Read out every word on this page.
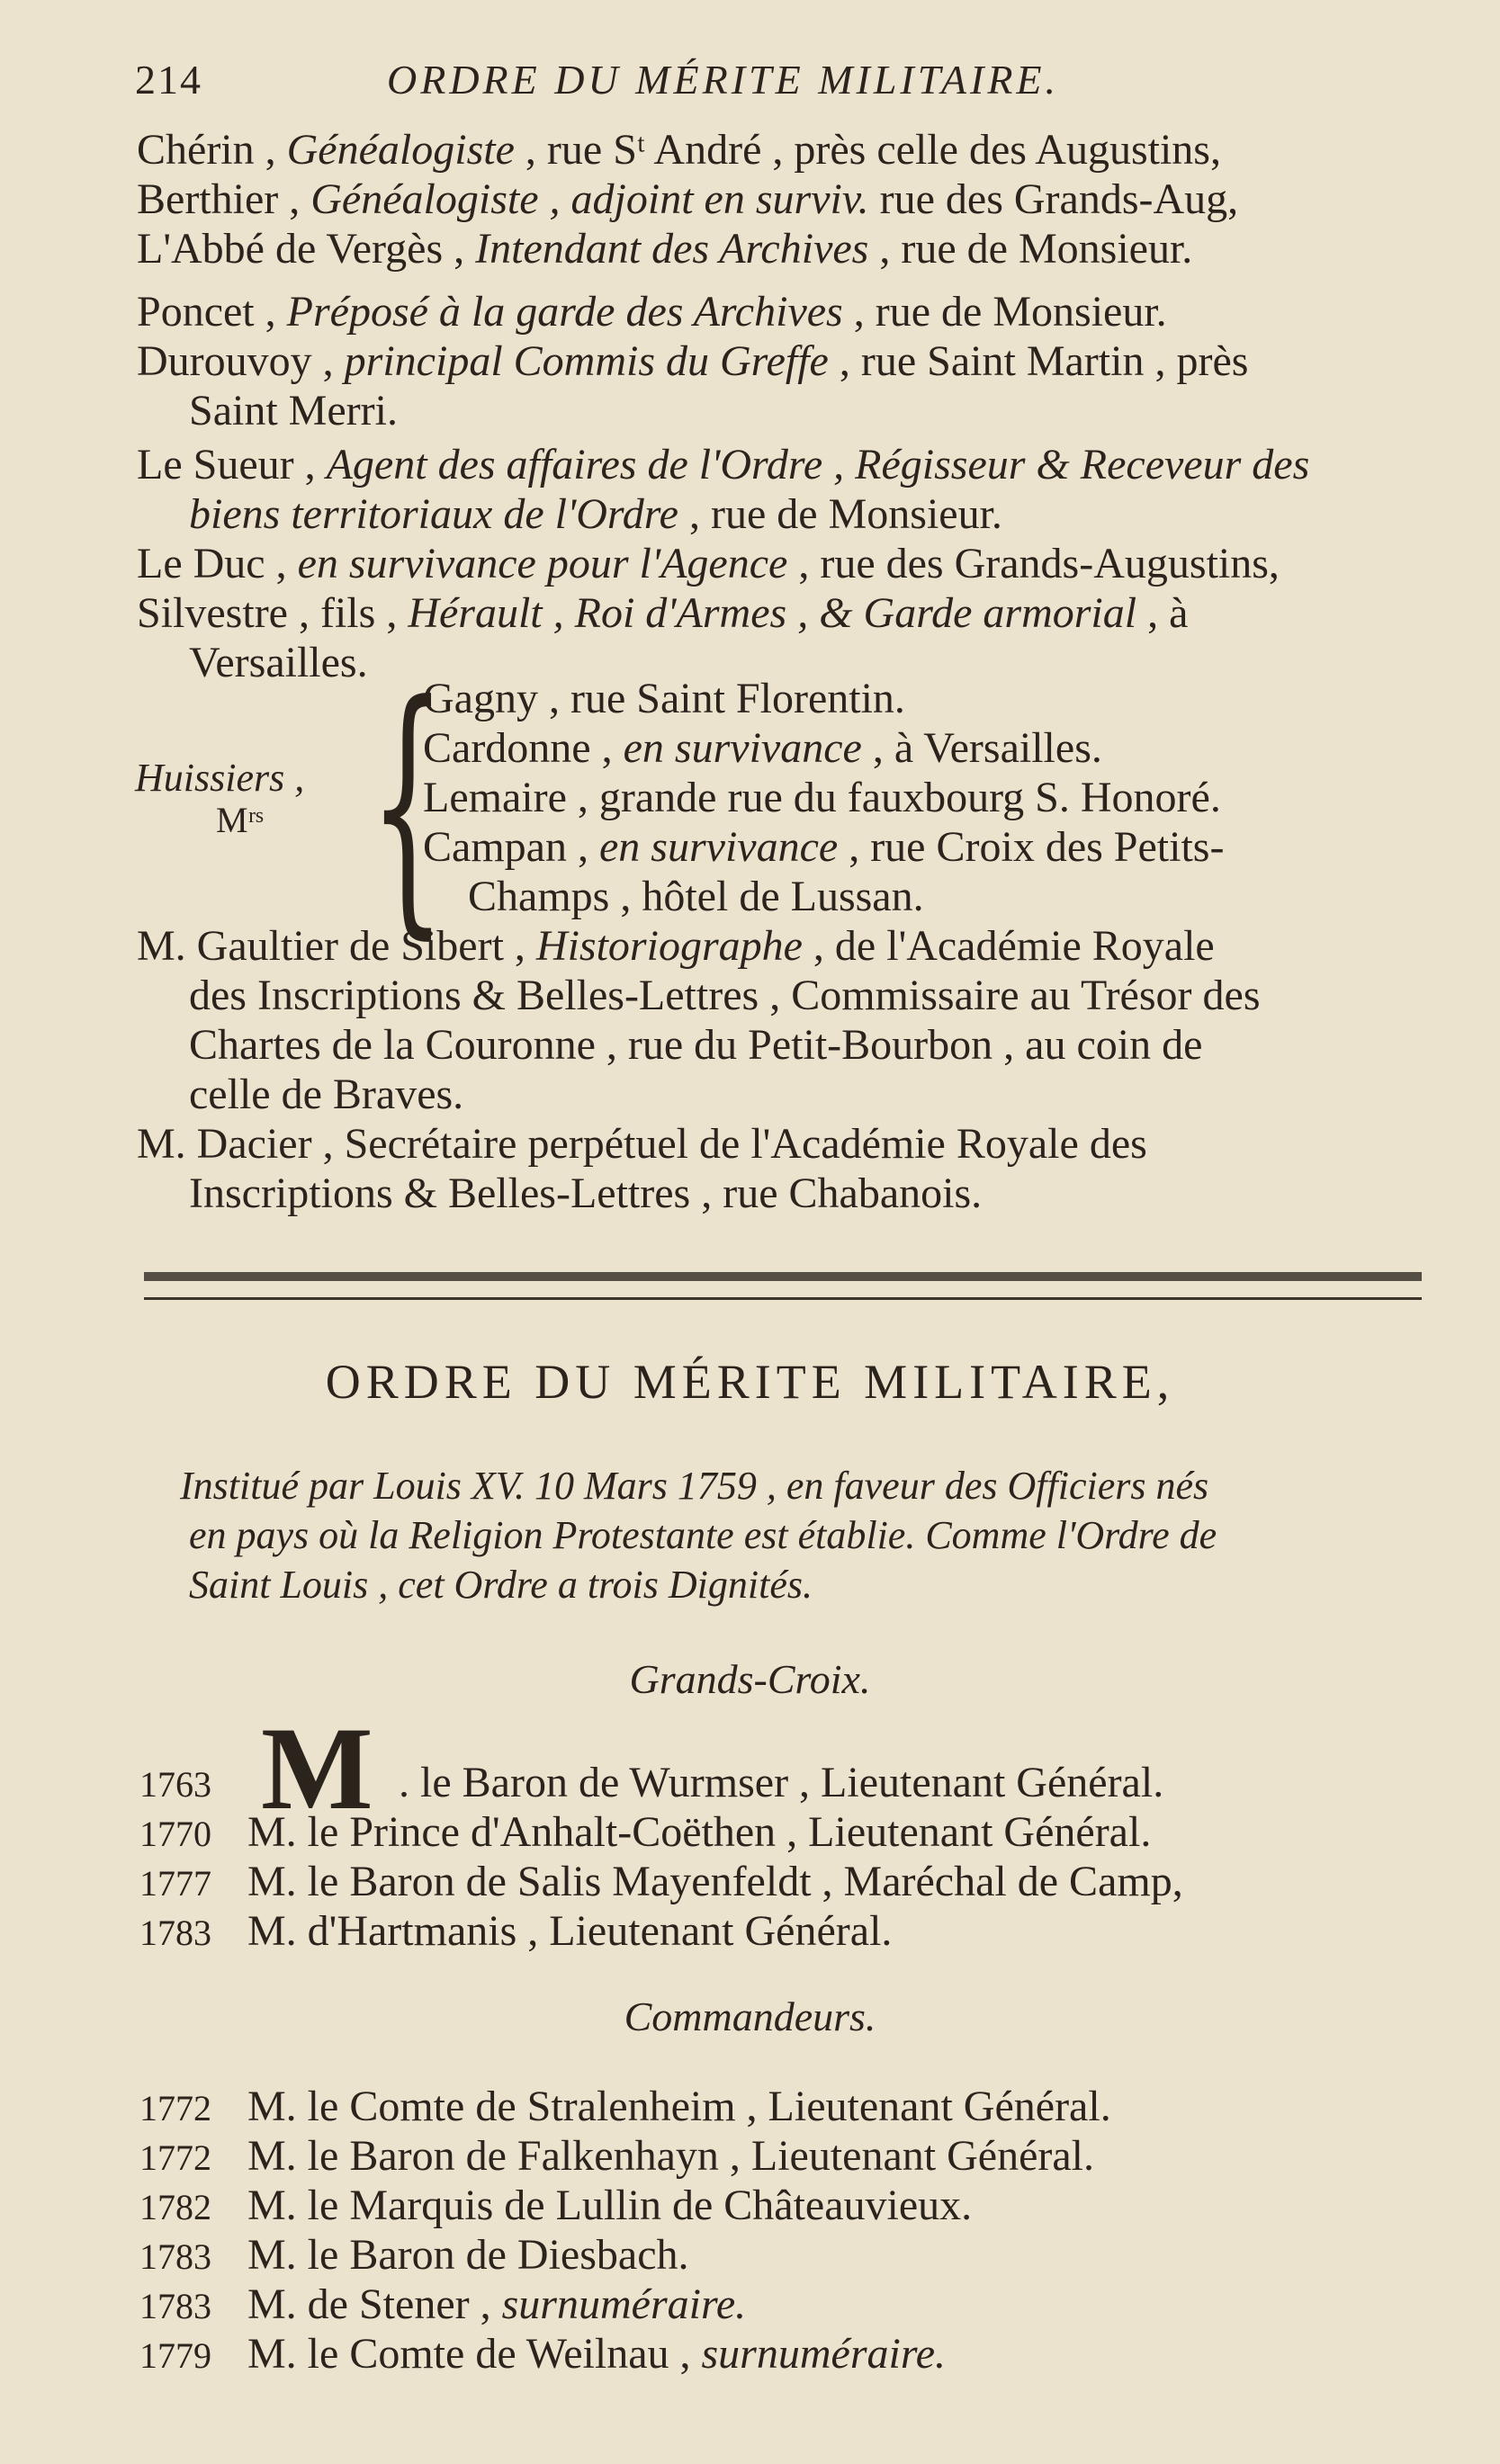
214	ORDRE DU MÉRITE MILITAIRE.
Chérin , Généalogiste , rue Sᵗ André , près celle des Augustins,
Berthier , Généalogiste , adjoint en surviv. rue des Grands-Aug,
L'Abbé de Vergès , Intendant des Archives , rue de Monsieur.
Poncet , Préposé à la garde des Archives , rue de Monsieur.
Durouvoy , principal Commis du Greffe , rue Saint Martin , près
Saint Merri.
Le Sueur , Agent des affaires de l'Ordre , Régisseur & Receveur des
biens territoriaux de l'Ordre , rue de Monsieur.
Le Duc , en survivance pour l'Agence , rue des Grands-Augustins,
Silvestre , fils , Hérault , Roi d'Armes , & Garde armorial , à
Versailles.
Huissiers ,
Mʳˢ {
Gagny , rue Saint Florentin.
Cardonne , en survivance , à Versailles.
Lemaire , grande rue du fauxbourg S. Honoré.
Campan , en survivance , rue Croix des Petits-
Champs , hôtel de Lussan.
M. Gaultier de Sibert , Historiographe , de l'Académie Royale
des Inscriptions & Belles-Lettres , Commissaire au Trésor des
Chartes de la Couronne , rue du Petit-Bourbon , au coin de
celle de Braves.
M. Dacier , Secrétaire perpétuel de l'Académie Royale des
Inscriptions & Belles-Lettres , rue Chabanois.
ORDRE DU MÉRITE MILITAIRE,
Institué par Louis XV. 10 Mars 1759 , en faveur des Officiers nés
en pays où la Religion Protestante est établie. Comme l'Ordre de
Saint Louis , cet Ordre a trois Dignités.
Grands-Croix.
M
1763	. le Baron de Wurmser , Lieutenant Général.
1770 M. le Prince d'Anhalt-Coëthen , Lieutenant Général.
1777 M. le Baron de Salis Mayenfeldt , Maréchal de Camp,
1783 M. d'Hartmanis , Lieutenant Général.
Commandeurs.
1772 M. le Comte de Stralenheim , Lieutenant Général.
1772 M. le Baron de Falkenhayn , Lieutenant Général.
1782 M. le Marquis de Lullin de Châteauvieux.
1783 M. le Baron de Diesbach.
1783 M. de Stener , surnuméraire.
1779 M. le Comte de Weilnau , surnuméraire.
